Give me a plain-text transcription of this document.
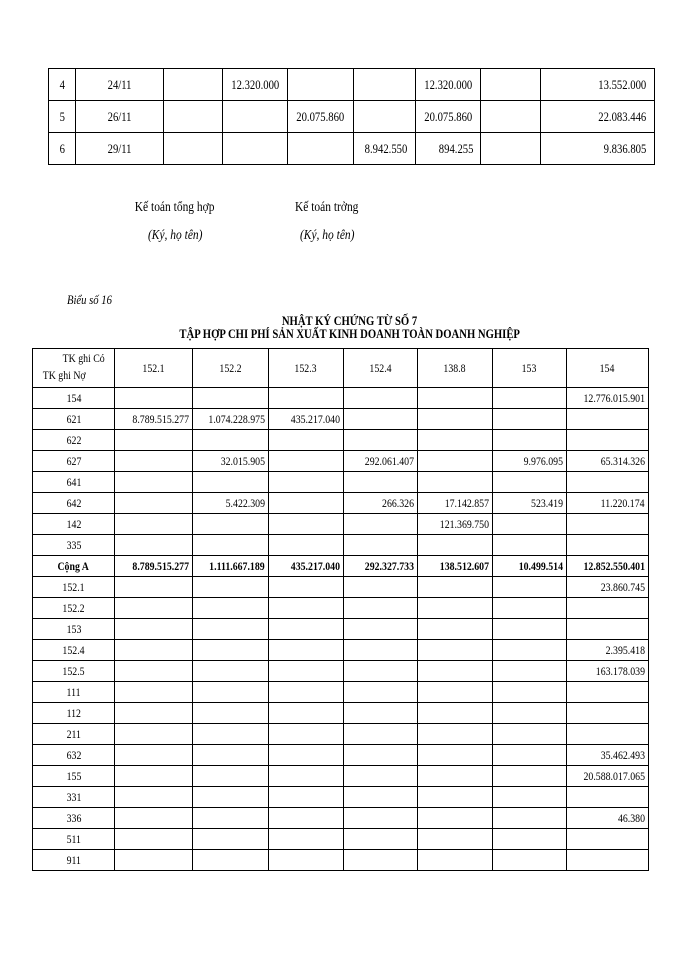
4	24/11		12.320.000			12.320.000		13.552.000
5	26/11			20.075.860		20.075.860		22.083.446
6	29/11				8.942.550	894.255		9.836.805
Kế toán tổng hợp
(Ký, họ tên)
Kế toán trởng
(Ký, họ tên)
Biểu số 16
NHẬT KÝ CHỨNG TỪ SỐ 7
TẬP HỢP CHI PHÍ SẢN XUẤT KINH DOANH TOÀN DOANH NGHIỆP
TK ghi Có
TK ghi Nợ	152.1	152.2	152.3	152.4	138.8	153	154
154							12.776.015.901
621	8.789.515.277	1.074.228.975	435.217.040				
622							
627		32.015.905		292.061.407		9.976.095	65.314.326
641							
642		5.422.309		266.326	17.142.857	523.419	11.220.174
142					121.369.750		
335							
Cộng A	8.789.515.277	1.111.667.189	435.217.040	292.327.733	138.512.607	10.499.514	12.852.550.401
152.1							23.860.745
152.2							
153							
152.4							2.395.418
152.5							163.178.039
111							
112							
211							
632							35.462.493
155							20.588.017.065
331							
336							46.380
511							
911							
